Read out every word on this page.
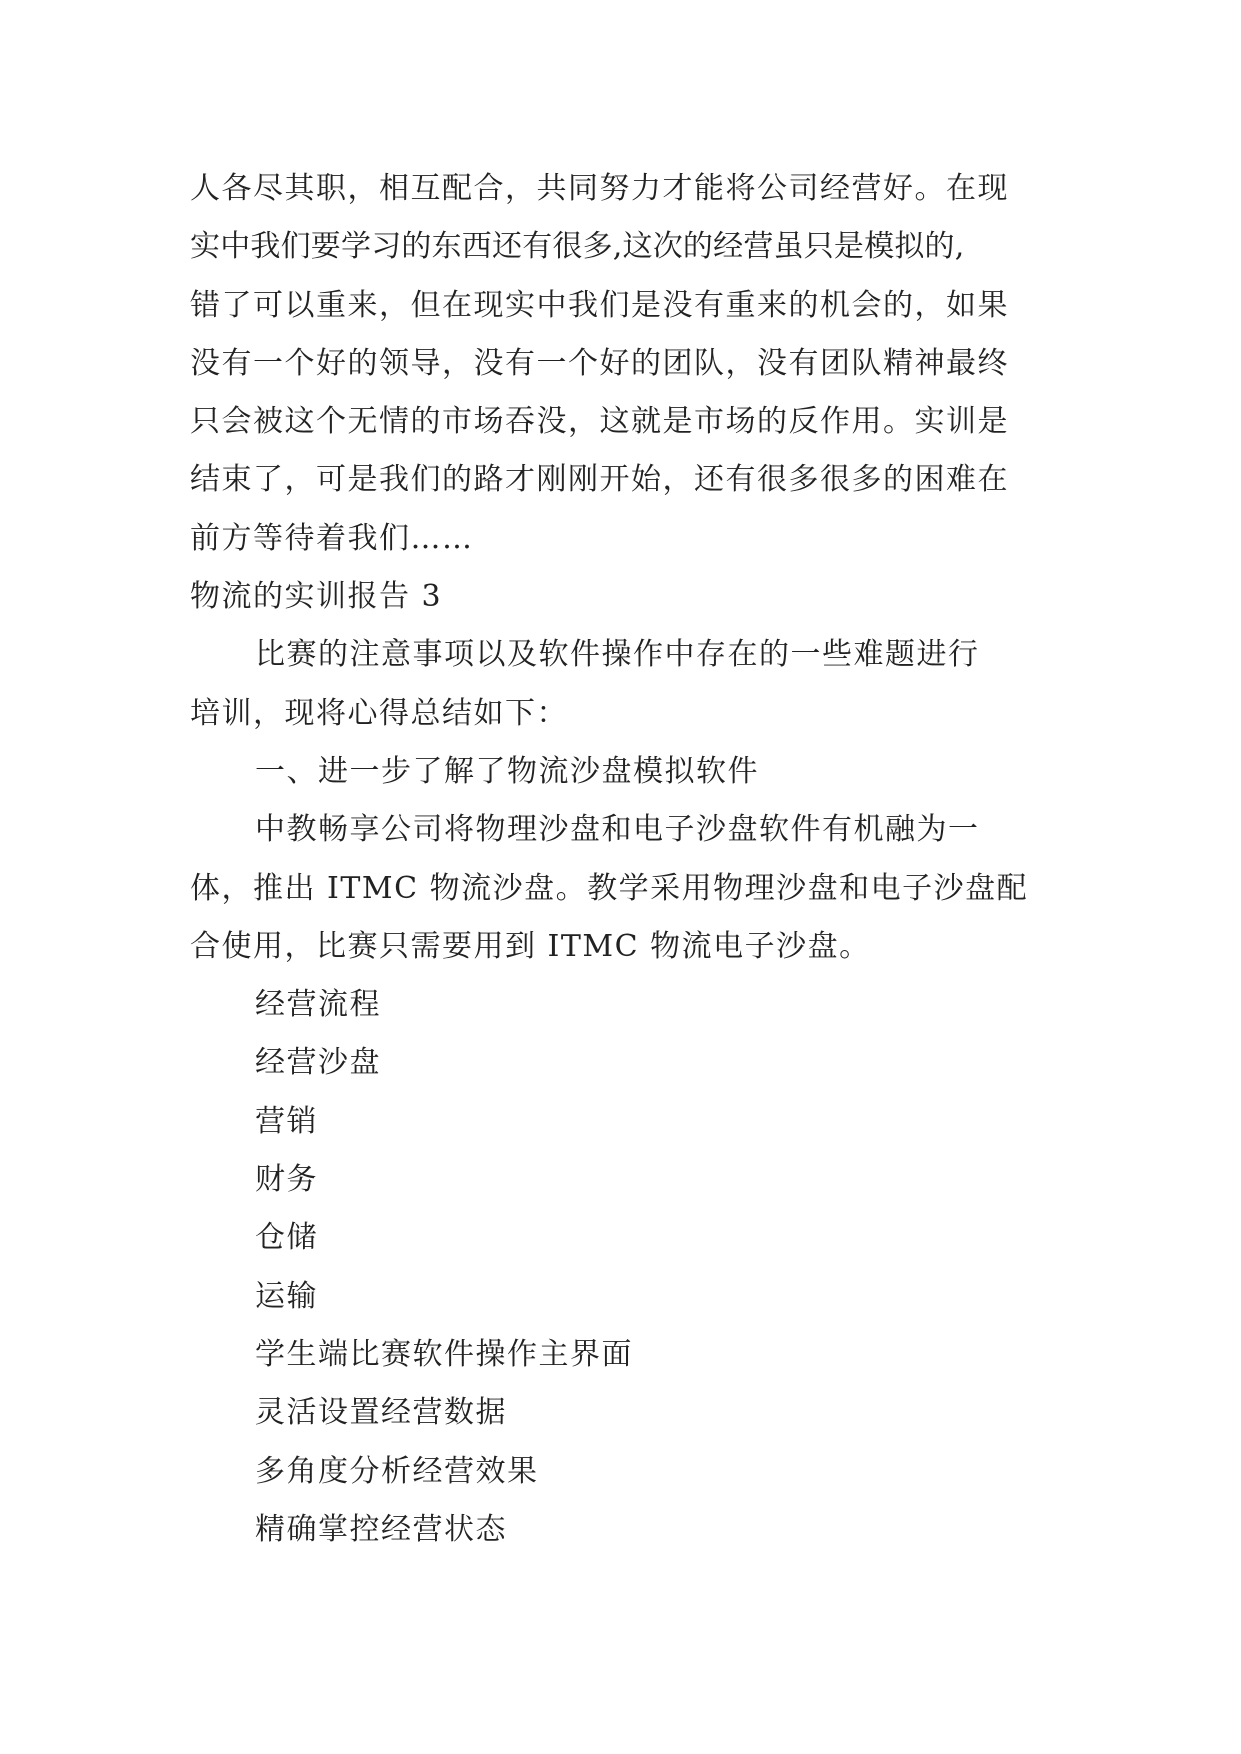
人各尽其职，相互配合，共同努力才能将公司经营好。在现
实中我们要学习的东西还有很多,这次的经营虽只是模拟的,
错了可以重来，但在现实中我们是没有重来的机会的，如果
没有一个好的领导，没有一个好的团队，没有团队精神最终
只会被这个无情的市场吞没，这就是市场的反作用。实训是
结束了，可是我们的路才刚刚开始，还有很多很多的困难在
前方等待着我们……
物流的实训报告 3
比赛的注意事项以及软件操作中存在的一些难题进行
培训，现将心得总结如下：
一、进一步了解了物流沙盘模拟软件
中教畅享公司将物理沙盘和电子沙盘软件有机融为一
体，推出 ITMC 物流沙盘。教学采用物理沙盘和电子沙盘配
合使用，比赛只需要用到 ITMC 物流电子沙盘。
经营流程
经营沙盘
营销
财务
仓储
运输
学生端比赛软件操作主界面
灵活设置经营数据
多角度分析经营效果
精确掌控经营状态
